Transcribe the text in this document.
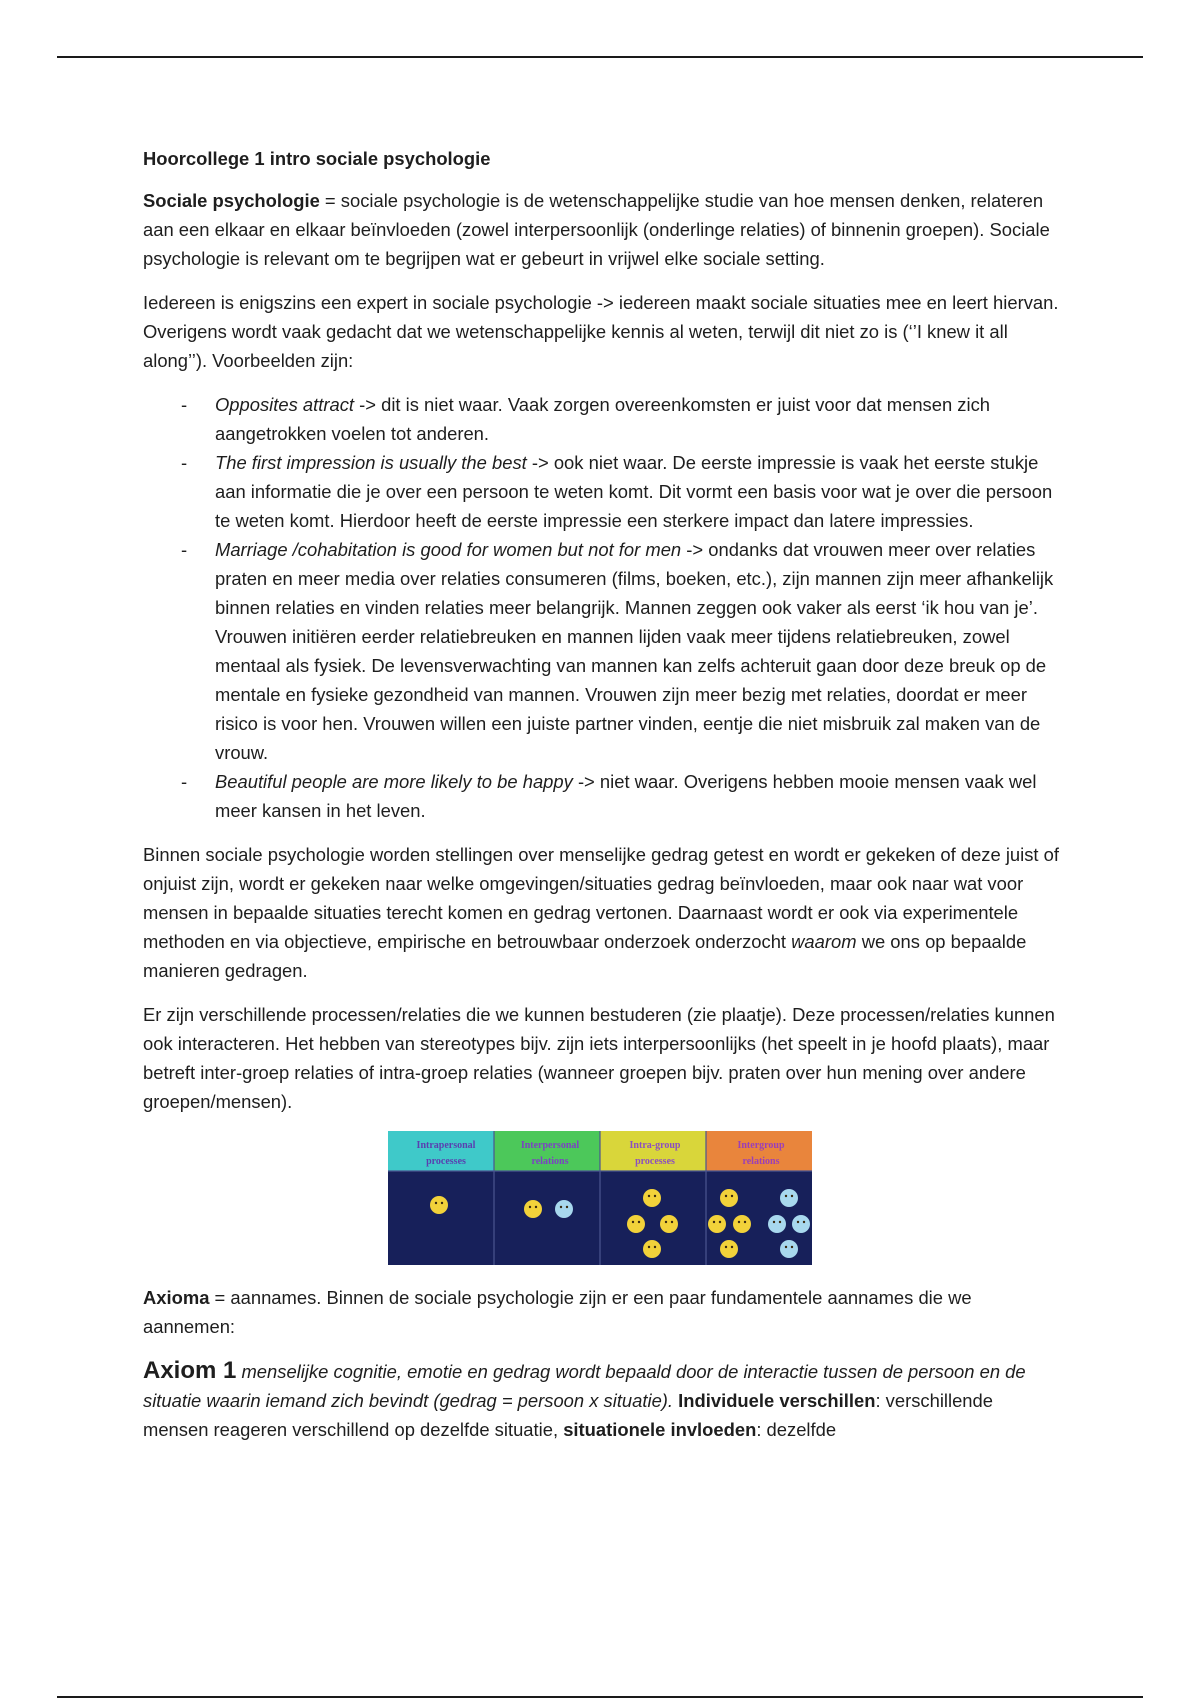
Hoorcollege 1 intro sociale psychologie

Sociale psychologie = sociale psychologie is de wetenschappelijke studie van hoe mensen denken, relateren aan een elkaar en elkaar beïnvloeden (zowel interpersoonlijk (onderlinge relaties) of binnenin groepen). Sociale psychologie is relevant om te begrijpen wat er gebeurt in vrijwel elke sociale setting.

Iedereen is enigszins een expert in sociale psychologie -> iedereen maakt sociale situaties mee en leert hiervan. Overigens wordt vaak gedacht dat we wetenschappelijke kennis al weten, terwijl dit niet zo is (‘’I knew it all along’’). Voorbeelden zijn:

- Opposites attract -> dit is niet waar. Vaak zorgen overeenkomsten er juist voor dat mensen zich aangetrokken voelen tot anderen.
- The first impression is usually the best -> ook niet waar. De eerste impressie is vaak het eerste stukje aan informatie die je over een persoon te weten komt. Dit vormt een basis voor wat je over die persoon te weten komt. Hierdoor heeft de eerste impressie een sterkere impact dan latere impressies.
- Marriage /cohabitation is good for women but not for men -> ondanks dat vrouwen meer over relaties praten en meer media over relaties consumeren (films, boeken, etc.), zijn mannen zijn meer afhankelijk binnen relaties en vinden relaties meer belangrijk. Mannen zeggen ook vaker als eerst ‘ik hou van je’. Vrouwen initiëren eerder relatiebreuken en mannen lijden vaak meer tijdens relatiebreuken, zowel mentaal als fysiek. De levensverwachting van mannen kan zelfs achteruit gaan door deze breuk op de mentale en fysieke gezondheid van mannen. Vrouwen zijn meer bezig met relaties, doordat er meer risico is voor hen. Vrouwen willen een juiste partner vinden, eentje die niet misbruik zal maken van de vrouw.
- Beautiful people are more likely to be happy -> niet waar. Overigens hebben mooie mensen vaak wel meer kansen in het leven.

Binnen sociale psychologie worden stellingen over menselijke gedrag getest en wordt er gekeken of deze juist of onjuist zijn, wordt er gekeken naar welke omgevingen/situaties gedrag beïnvloeden, maar ook naar wat voor mensen in bepaalde situaties terecht komen en gedrag vertonen. Daarnaast wordt er ook via experimentele methoden en via objectieve, empirische en betrouwbaar onderzoek onderzocht waarom we ons op bepaalde manieren gedragen.

Er zijn verschillende processen/relaties die we kunnen bestuderen (zie plaatje). Deze processen/relaties kunnen ook interacteren. Het hebben van stereotypes bijv. zijn iets interpersoonlijks (het speelt in je hoofd plaats), maar betreft inter-groep relaties of intra-groep relaties (wanneer groepen bijv. praten over hun mening over andere groepen/mensen).

Intrapersonal
processes
Interpersonal
relations
Intra-group
processes
Intergroup
relations

Axioma = aannames. Binnen de sociale psychologie zijn er een paar fundamentele aannames die we aannemen:

Axiom 1 menselijke cognitie, emotie en gedrag wordt bepaald door de interactie tussen de persoon en de situatie waarin iemand zich bevindt (gedrag = persoon x situatie). Individuele verschillen: verschillende mensen reageren verschillend op dezelfde situatie, situationele invloeden: dezelfde
